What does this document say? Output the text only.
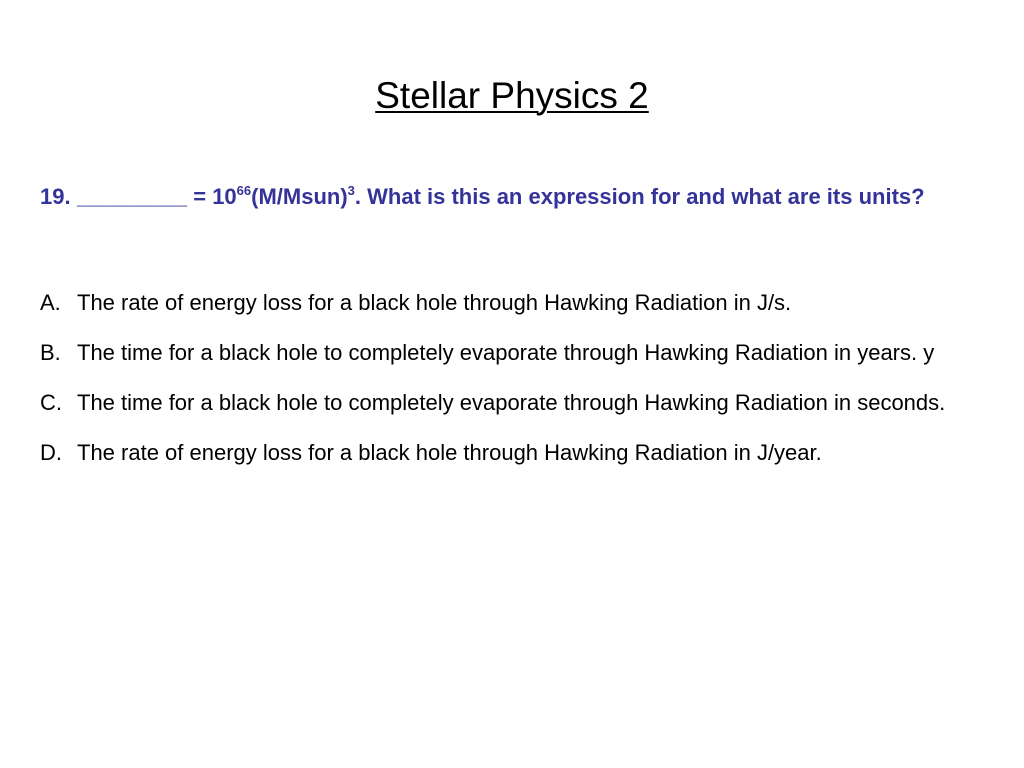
Stellar Physics 2
19. _________ = $10^{66}(M/Msun)^3$. What is this an expression for and what are its units?
A. The rate of energy loss for a black hole through Hawking Radiation in J/s.
B. The time for a black hole to completely evaporate through Hawking Radiation in years. y
C. The time for a black hole to completely evaporate through Hawking Radiation in seconds.
D. The rate of energy loss for a black hole through Hawking Radiation in J/year.
